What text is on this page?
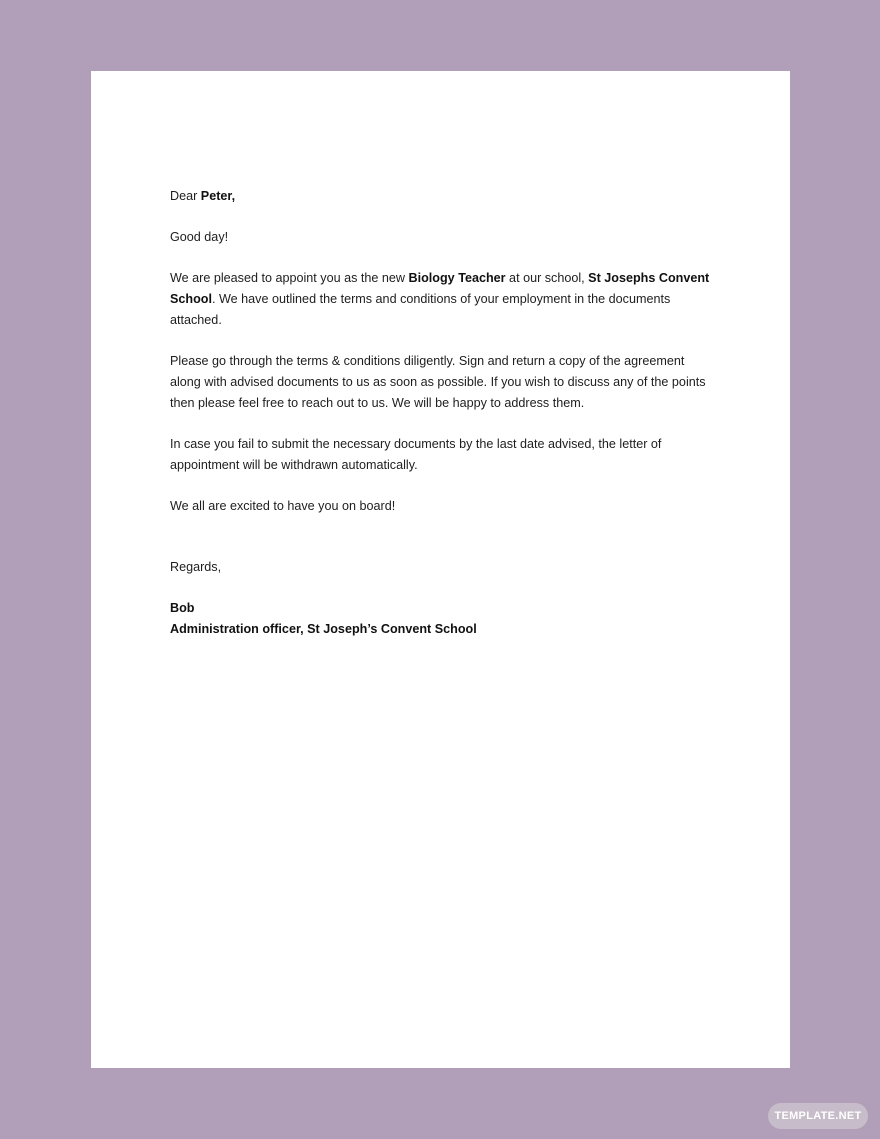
Dear Peter,

Good day!

We are pleased to appoint you as the new Biology Teacher at our school, St Josephs Convent School. We have outlined the terms and conditions of your employment in the documents attached.

Please go through the terms & conditions diligently. Sign and return a copy of the agreement along with advised documents to us as soon as possible. If you wish to discuss any of the points then please feel free to reach out to us. We will be happy to address them.

In case you fail to submit the necessary documents by the last date advised, the letter of appointment will be withdrawn automatically.

We all are excited to have you on board!

Regards,

Bob

Administration officer, St Joseph’s Convent School

TEMPLATE.NET
